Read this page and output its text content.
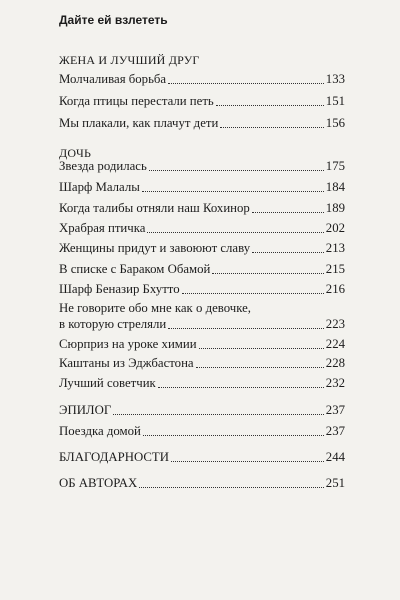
Дайте ей взлететь
ЖЕНА И ЛУЧШИЙ ДРУГ
Молчаливая борьба	133
Когда птицы перестали петь	151
Мы плакали, как плачут дети	156
Звезда родилась	175
Шарф Малалы	184
Когда талибы отняли наш Кохинор	189
Храбрая птичка	202
Женщины придут и завоюют славу	213
В списке с Бараком Обамой	215
Шарф Беназир Бхутто	216
Не говорите обо мне как о девочке,
в которую стреляли	223
Сюрприз на уроке химии	224
Каштаны из Эджбастона	228
Лучший советчик	232
ЭПИЛОГ	237
Поездка домой	237
БЛАГОДАРНОСТИ	244
ОБ АВТОРАХ	251
ДОЧЬ
